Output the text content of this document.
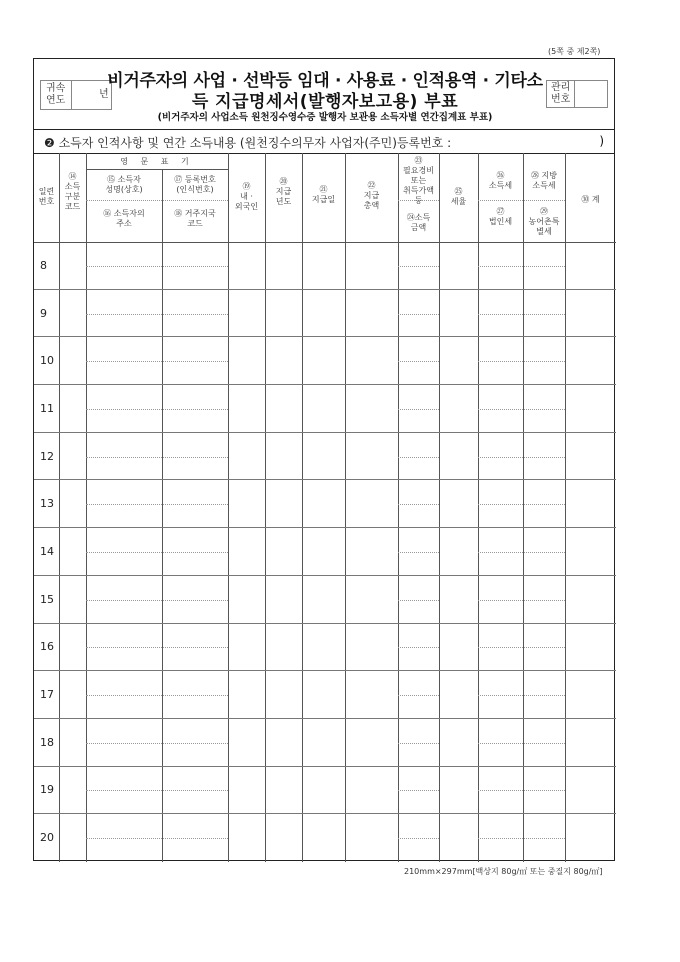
(5쪽 중 제2쪽)
귀속
연도
년
비거주자의 사업 · 선박등 임대 · 사용료 · 인적용역 · 기타소
득 지급명세서(발행자보고용) 부표
(비거주자의 사업소득 원천징수영수증 발행자 보관용 소득자별 연간집계표 부표)
관리
번호
❷ 소득자 인적사항 및 연간 소득내용 (원천징수의무자 사업자(주민)등록번호 :	)
일련
번호
⑭
소득
구분
코드
영 문 표 기
⑮ 소득자
성명(상호)
⑰ 등록번호
(인식번호)
⑯ 소득자의
주소
⑱ 거주지국
코드
⑲
내 ·
외국인
⑳
지급
년도
㉑
지급일
㉒
지급
총액
㉓
필요경비
또는
취득가액 등
㉔소득
금액
㉕
세율
㉖
소득세
㉗
법인세
㉘ 지방
소득세
㉙
농어촌특
별세
㉚ 계
8
9
10
11
12
13
14
15
16
17
18
19
20
210mm×297mm[백상지 80g/㎡ 또는 중질지 80g/㎡]
